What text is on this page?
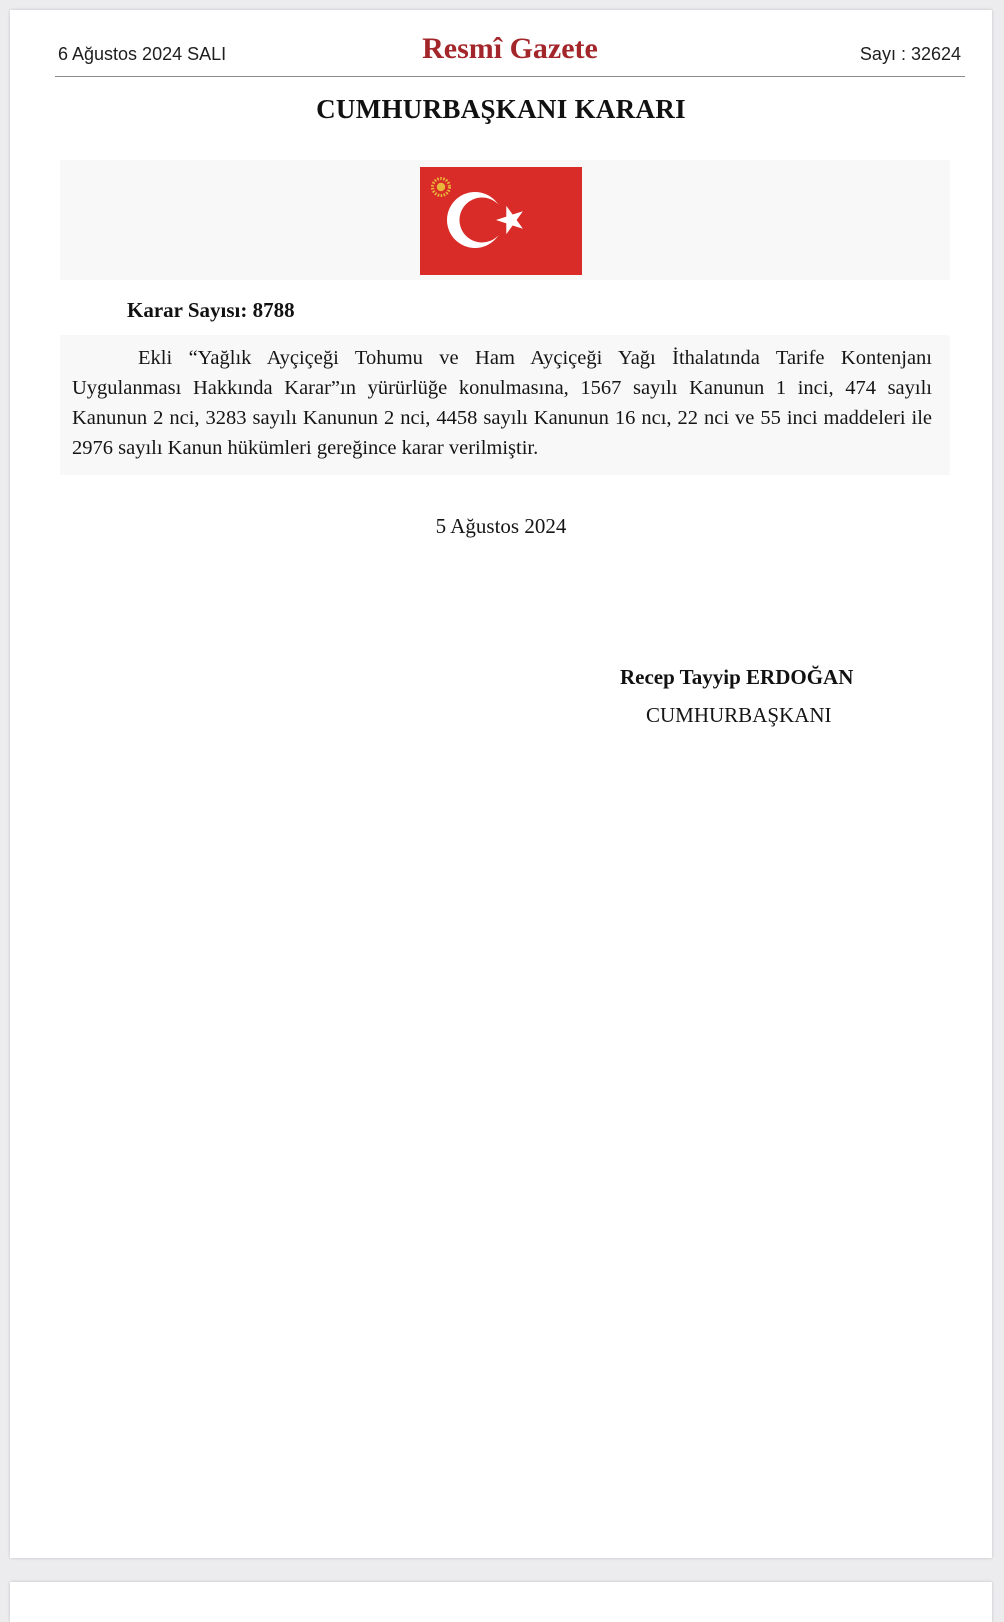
6 Ağustos 2024 SALI	Resmî Gazete	Sayı : 32624
CUMHURBAŞKANI KARARI
Karar Sayısı: 8788

Ekli “Yağlık Ayçiçeği Tohumu ve Ham Ayçiçeği Yağı İthalatında Tarife Kontenjanı Uygulanması Hakkında Karar”ın yürürlüğe konulmasına, 1567 sayılı Kanunun 1 inci, 474 sayılı Kanunun 2 nci, 3283 sayılı Kanunun 2 nci, 4458 sayılı Kanunun 16 ncı, 22 nci ve 55 inci maddeleri ile 2976 sayılı Kanun hükümleri gereğince karar verilmiştir.

5 Ağustos 2024
Recep Tayyip ERDOĞAN
CUMHURBAŞKANI
